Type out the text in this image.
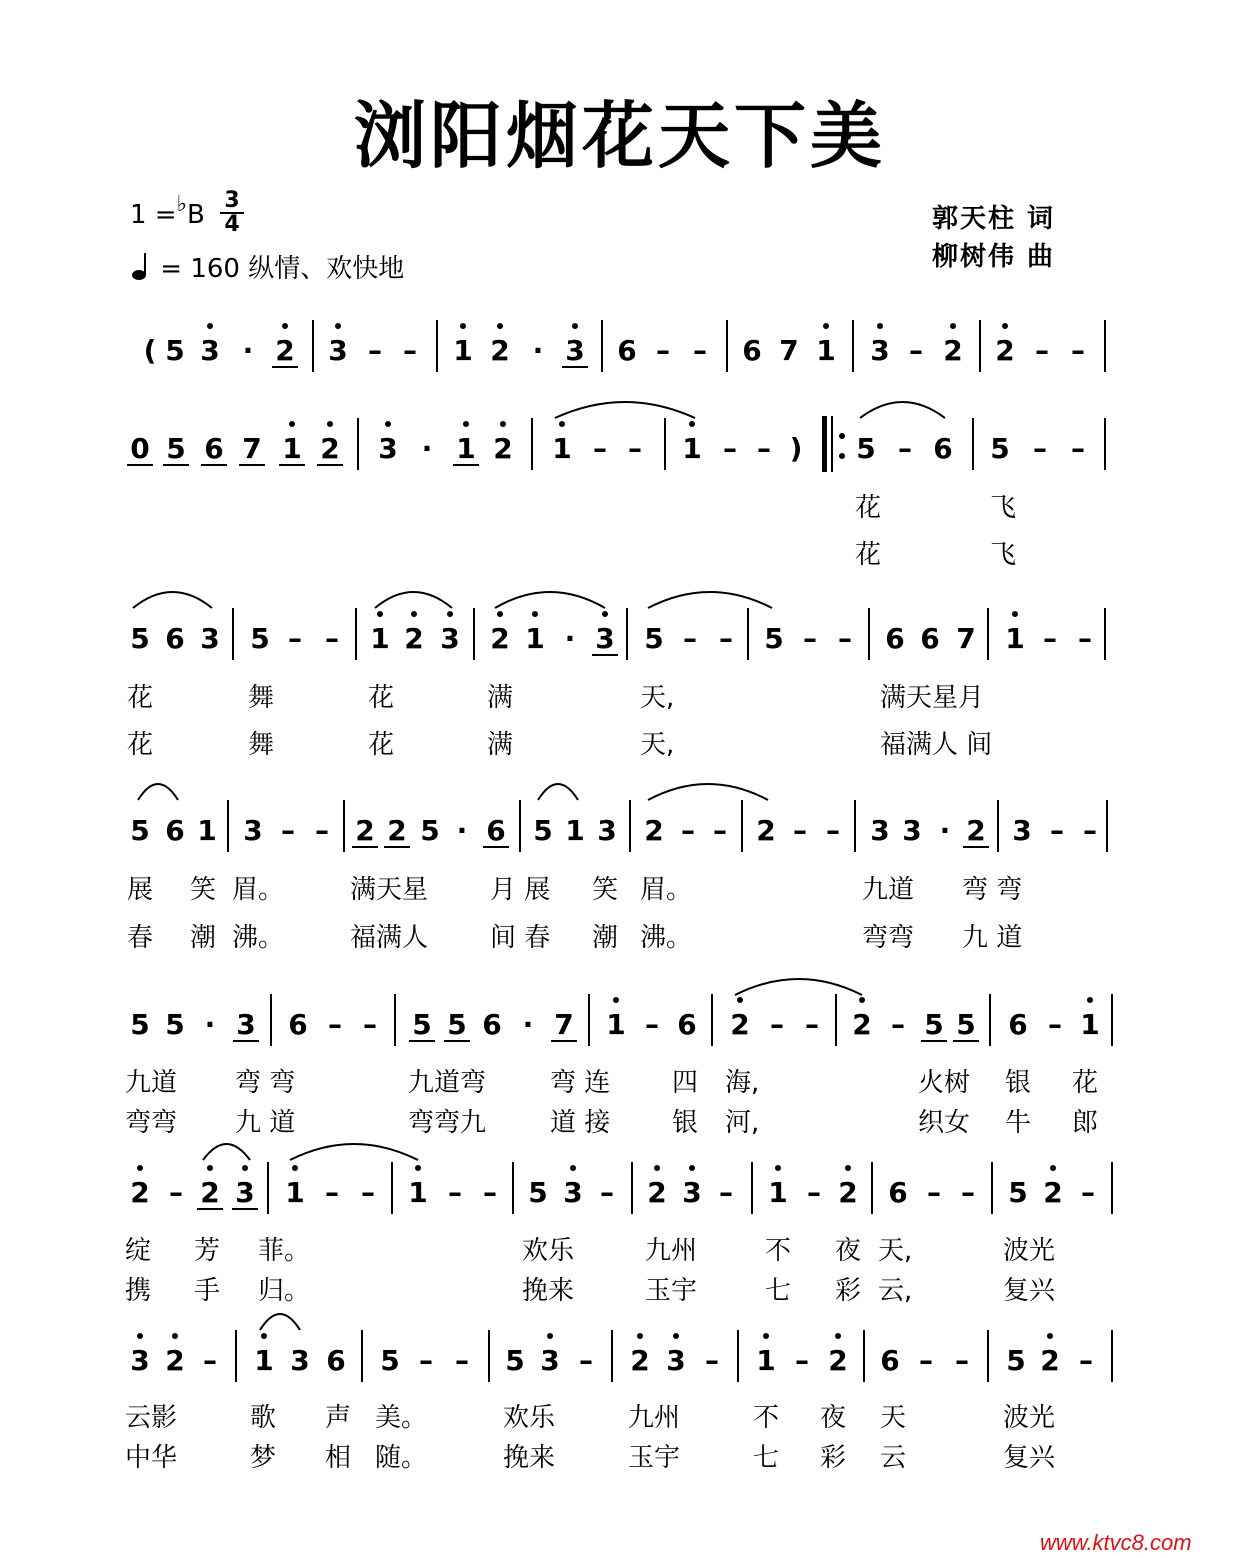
浏阳烟花天下美
1 =♭B 3
4
= 160 纵情、欢快地
郭天柱 词
柳树伟 曲
( 5 3 · 2 3 – – 1 2 · 3 6 – – 6 7 1 3 – 2 2 – –
0 5 6 7 1 2 3 · 1 2 1 – – 1 – – ) 5 – 6 5 – –
5 6 3 5 – – 1 2 3 2 1 · 3 5 – – 5 – – 6 6 7 1 – –
5 6 1 3 – – 2 2 5 · 6 5 1 3 2 – – 2 – – 3 3 · 2 3 – –
5 5 · 3 6 – – 5 5 6 · 7 1 – 6 2 – – 2 – 5 5 6 – 1
2 – 2 3 1 – – 1 – – 5 3 – 2 3 – 1 – 2 6 – – 5 2 –
3 2 – 1 3 6 5 – – 5 3 – 2 3 – 1 – 2 6 – – 5 2 –
花	飞
花	飞
花	舞	花	满	天,	满天星月
花	舞	花	满	天,	福满人 间
展 笑 眉。	满天星 月 展 笑 眉。	九道 弯 弯
春 潮 沸。	福满人 间 春 潮 沸。	弯弯 九 道
九道 弯 弯	九道弯 弯 连 四 海,	火树 银 花
弯弯 九 道	弯弯九 道 接 银 河,	织女 牛 郎
绽 芳 菲。	欢乐	九州	不 夜 天,	波光
携 手 归。	挽来	玉宇	七 彩 云,	复兴
云影	歌 声 美。	欢乐	九州	不 夜 天	波光
中华	梦 相 随。	挽来	玉宇	七 彩 云	复兴
www.ktvc8.com
